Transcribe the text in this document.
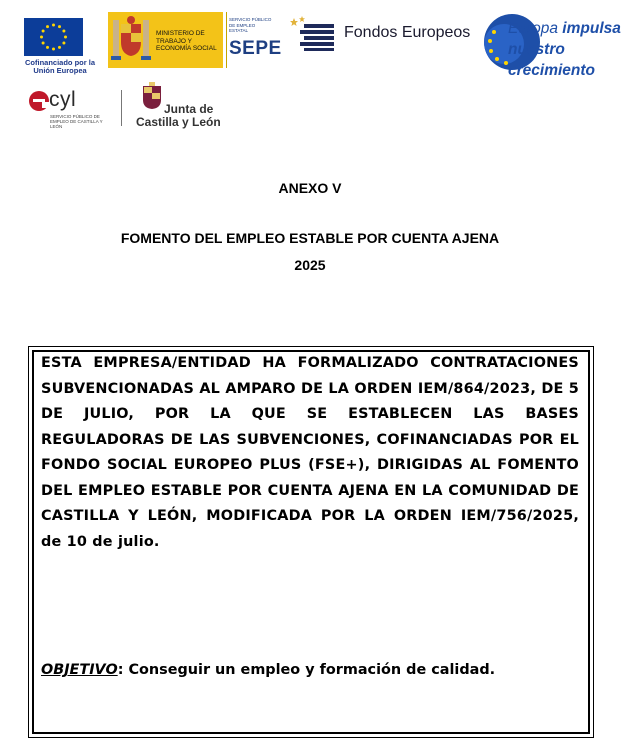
Cofinanciado por la Unión Europea
MINISTERIO DE TRABAJO Y ECONOMÍA SOCIAL
SERVICIO PÚBLICO DE EMPLEO ESTATAL
SEPE
Fondos Europeos Europa impulsa
nuestro crecimiento
cyl
SERVICIO PÚBLICO DE EMPLEO DE CASTILLA Y LEÓN
Junta de
Castilla y León
ANEXO V
FOMENTO DEL EMPLEO ESTABLE POR CUENTA AJENA
2025
ESTA EMPRESA/ENTIDAD HA FORMALIZADO CONTRATACIONES SUBVENCIONADAS AL AMPARO DE LA ORDEN IEM/864/2023, DE 5 DE JULIO, POR LA QUE SE ESTABLECEN LAS BASES REGULADORAS DE LAS SUBVENCIONES, COFINANCIADAS POR EL FONDO SOCIAL EUROPEO PLUS (FSE+), DIRIGIDAS AL FOMENTO DEL EMPLEO ESTABLE POR CUENTA AJENA EN LA COMUNIDAD DE CASTILLA Y LEÓN, MODIFICADA POR LA ORDEN IEM/756/2025, de 10 de julio.
OBJETIVO: Conseguir un empleo y formación de calidad.
